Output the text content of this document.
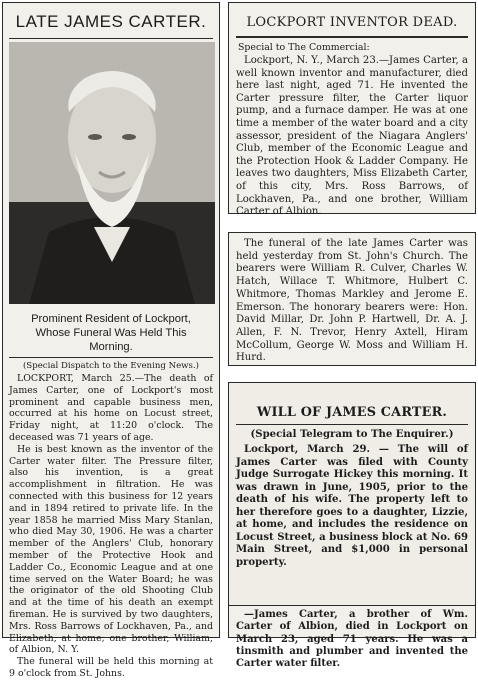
LATE JAMES CARTER.

Prominent Resident of Lockport, Whose Funeral Was Held This Morning.

(Special Dispatch to the Evening News.)

LOCKPORT, March 25.—The death of James Carter, one of Lockport's most prominent and capable business men, occurred at his home on Locust street, Friday night, at 11:20 o'clock. The deceased was 71 years of age.

He is best known as the inventor of the Carter water filter. The Pressure filter, also his invention, is a great accomplishment in filtration. He was connected with this business for 12 years and in 1894 retired to private life. In the year 1858 he married Miss Mary Stanlan, who died May 30, 1906. He was a charter member of the Anglers' Club, honorary member of the Protective Hook and Ladder Co., Economic League and at one time served on the Water Board; he was the originator of the old Shooting Club and at the time of his death an exempt fireman. He is survived by two daughters, Mrs. Ross Barrows of Lockhaven, Pa., and Elizabeth, at home; one brother, William, of Albion, N. Y.

The funeral will be held this morning at 9 o'clock from St. Johns.

LOCKPORT INVENTOR DEAD.

Special to The Commercial:

Lockport, N. Y., March 23.—James Carter, a well known inventor and manufacturer, died here last night, aged 71. He invented the Carter pressure filter, the Carter liquor pump, and a furnace damper. He was at one time a member of the water board and a city assessor, president of the Niagara Anglers' Club, member of the Economic League and the Protection Hook & Ladder Company. He leaves two daughters, Miss Elizabeth Carter, of this city, Mrs. Ross Barrows, of Lockhaven, Pa., and one brother, William Carter of Albion.

The funeral of the late James Carter was held yesterday from St. John's Church. The bearers were William R. Culver, Charles W. Hatch, Willace T. Whitmore, Hulbert C. Whitmore, Thomas Markley and Jerome E. Emerson. The honorary bearers were: Hon. David Millar, Dr. John P. Hartwell, Dr. A. J. Allen, F. N. Trevor, Henry Axtell, Hiram McCollum, George W. Moss and William H. Hurd.

WILL OF JAMES CARTER.

(Special Telegram to The Enquirer.)

Lockport, March 29. — The will of James Carter was filed with County Judge Surrogate Hickey this morning. It was drawn in June, 1905, prior to the death of his wife. The property left to her therefore goes to a daughter, Lizzie, at home, and includes the residence on Locust Street, a business block at No. 69 Main Street, and $1,000 in personal property.

—James Carter, a brother of Wm. Carter of Albion, died in Lockport on March 23, aged 71 years. He was a tinsmith and plumber and invented the Carter water filter.
